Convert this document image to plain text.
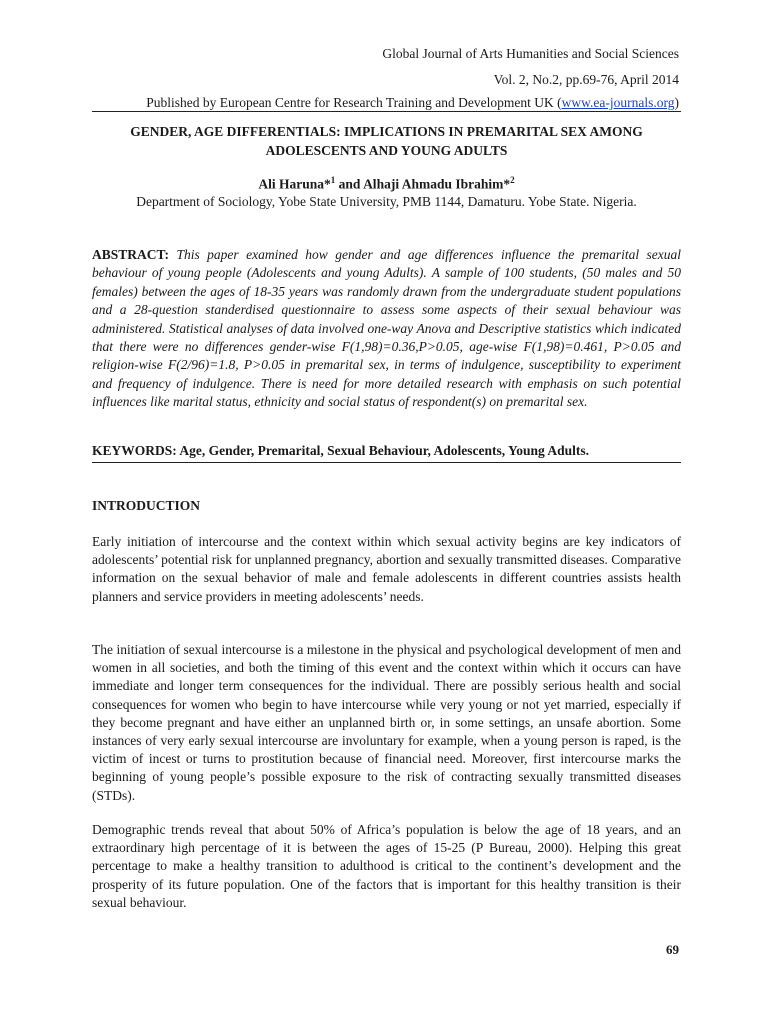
Global Journal of Arts Humanities and Social Sciences
Vol. 2, No.2, pp.69-76, April 2014
Published by European Centre for Research Training and Development UK (www.ea-journals.org)
GENDER, AGE DIFFERENTIALS: IMPLICATIONS IN PREMARITAL SEX AMONG ADOLESCENTS AND YOUNG ADULTS
Ali Haruna*$^1$ and Alhaji Ahmadu Ibrahim*$^2$
Department of Sociology, Yobe State University, PMB 1144, Damaturu. Yobe State. Nigeria.
ABSTRACT: This paper examined how gender and age differences influence the premarital sexual behaviour of young people (Adolescents and young Adults). A sample of 100 students, (50 males and 50 females) between the ages of 18-35 years was randomly drawn from the undergraduate student populations and a 28-question standerdised questionnaire to assess some aspects of their sexual behaviour was administered. Statistical analyses of data involved one-way Anova and Descriptive statistics which indicated that there were no differences gender-wise F(1,98)=0.36,P>0.05, age-wise F(1,98)=0.461, P>0.05 and religion-wise F(2/96)=1.8, P>0.05 in premarital sex, in terms of indulgence, susceptibility to experiment and frequency of indulgence. There is need for more detailed research with emphasis on such potential influences like marital status, ethnicity and social status of respondent(s) on premarital sex.
KEYWORDS: Age, Gender, Premarital, Sexual Behaviour, Adolescents, Young Adults.
INTRODUCTION
Early initiation of intercourse and the context within which sexual activity begins are key indicators of adolescents’ potential risk for unplanned pregnancy, abortion and sexually transmitted diseases. Comparative information on the sexual behavior of male and female adolescents in different countries assists health planners and service providers in meeting adolescents’ needs.
The initiation of sexual intercourse is a milestone in the physical and psychological development of men and women in all societies, and both the timing of this event and the context within which it occurs can have immediate and longer term consequences for the individual. There are possibly serious health and social consequences for women who begin to have intercourse while very young or not yet married, especially if they become pregnant and have either an unplanned birth or, in some settings, an unsafe abortion. Some instances of very early sexual intercourse are involuntary for example, when a young person is raped, is the victim of incest or turns to prostitution because of financial need. Moreover, first intercourse marks the beginning of young people’s possible exposure to the risk of contracting sexually transmitted diseases (STDs).
Demographic trends reveal that about 50% of Africa’s population is below the age of 18 years, and an extraordinary high percentage of it is between the ages of 15-25 (P Bureau, 2000). Helping this great percentage to make a healthy transition to adulthood is critical to the continent’s development and the prosperity of its future population. One of the factors that is important for this healthy transition is their sexual behaviour.
69
